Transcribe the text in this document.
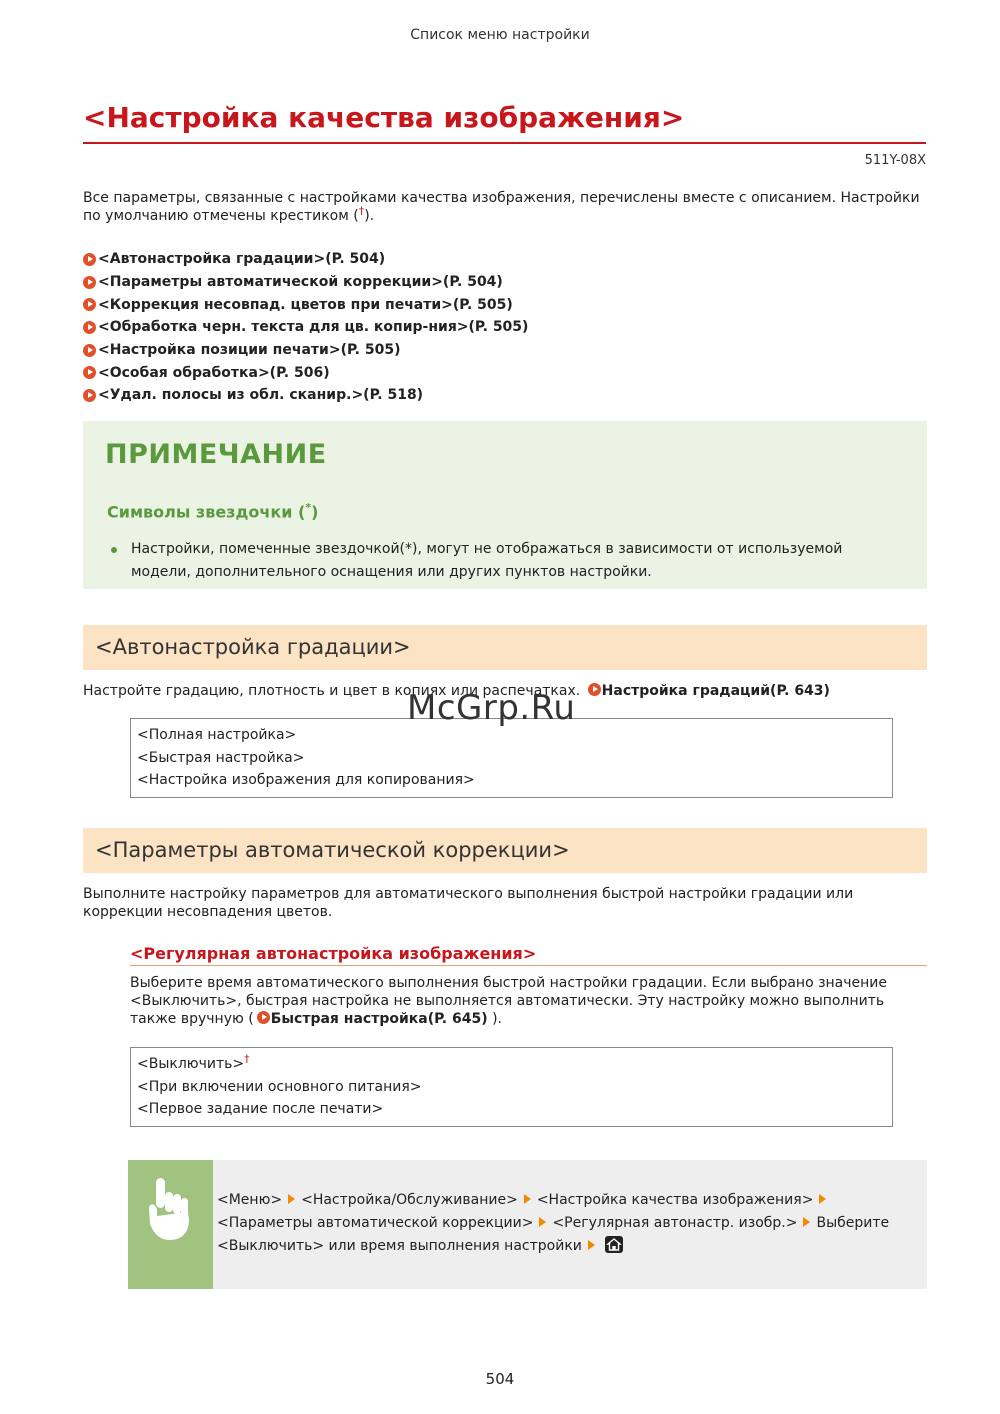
Список меню настройки
<Настройка качества изображения>
511Y-08X

Все параметры, связанные с настройками качества изображения, перечислены вместе с описанием. Настройки по умолчанию отмечены крестиком (†).

<Автонастройка градации>(P. 504)
<Параметры автоматической коррекции>(P. 504)
<Коррекция несовпад. цветов при печати>(P. 505)
<Обработка черн. текста для цв. копир-ния>(P. 505)
<Настройка позиции печати>(P. 505)
<Особая обработка>(P. 506)
<Удал. полосы из обл. сканир.>(P. 518)
ПРИМЕЧАНИЕ
Символы звездочки (*)
Настройки, помеченные звездочкой(*), могут не отображаться в зависимости от используемой модели, дополнительного оснащения или других пунктов настройки.
<Автонастройка градации>

Настройте градацию, плотность и цвет в копиях или распечатках. Настройка градаций(P. 643)

<Полная настройка>
<Быстрая настройка>
<Настройка изображения для копирования>
<Параметры автоматической коррекции>

Выполните настройку параметров для автоматического выполнения быстрой настройки градации или коррекции несовпадения цветов.

<Регулярная автонастройка изображения>

Выберите время автоматического выполнения быстрой настройки градации. Если выбрано значение <Выключить>, быстрая настройка не выполняется автоматически. Эту настройку можно выполнить также вручную ( Быстрая настройка(P. 645) ).

<Выключить>†
<При включении основного питания>
<Первое задание после печати>
<Меню> <Настройка/Обслуживание> <Настройка качества изображения><Параметры автоматической коррекции> <Регулярная автонастр. изобр.> Выберите <Выключить> или время выполнения настройки
504
McGrp.Ru
